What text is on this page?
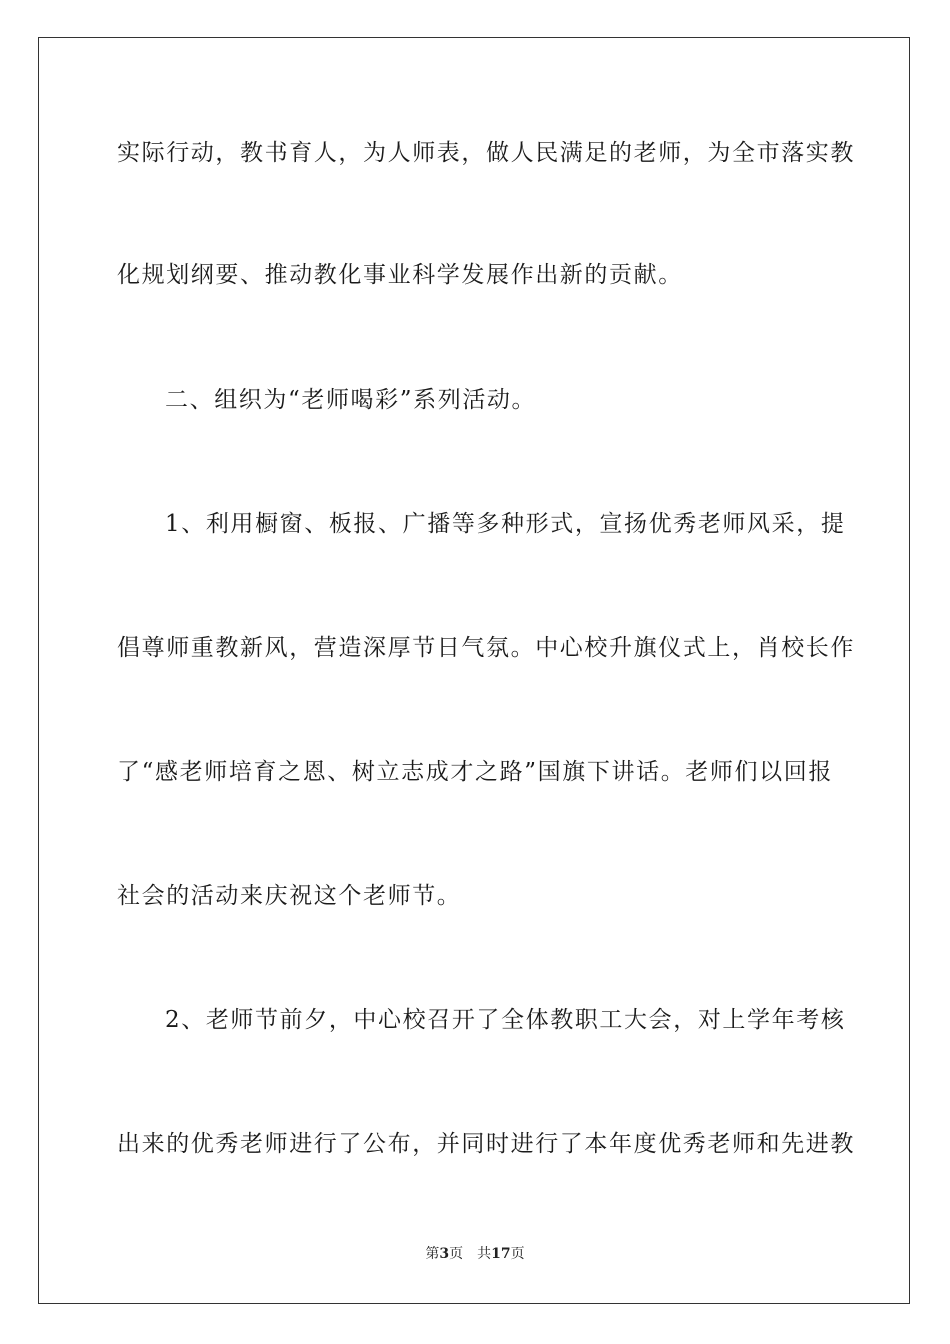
实际行动，教书育人，为人师表，做人民满足的老师，为全市落实教
化规划纲要、推动教化事业科学发展作出新的贡献。
二、组织为“老师喝彩”系列活动。
1、利用橱窗、板报、广播等多种形式，宣扬优秀老师风采，提
倡尊师重教新风，营造深厚节日气氛。中心校升旗仪式上，肖校长作
了“感老师培育之恩、树立志成才之路”国旗下讲话。老师们以回报
社会的活动来庆祝这个老师节。
2、老师节前夕，中心校召开了全体教职工大会，对上学年考核
出来的优秀老师进行了公布，并同时进行了本年度优秀老师和先进教
第3页 共17页
